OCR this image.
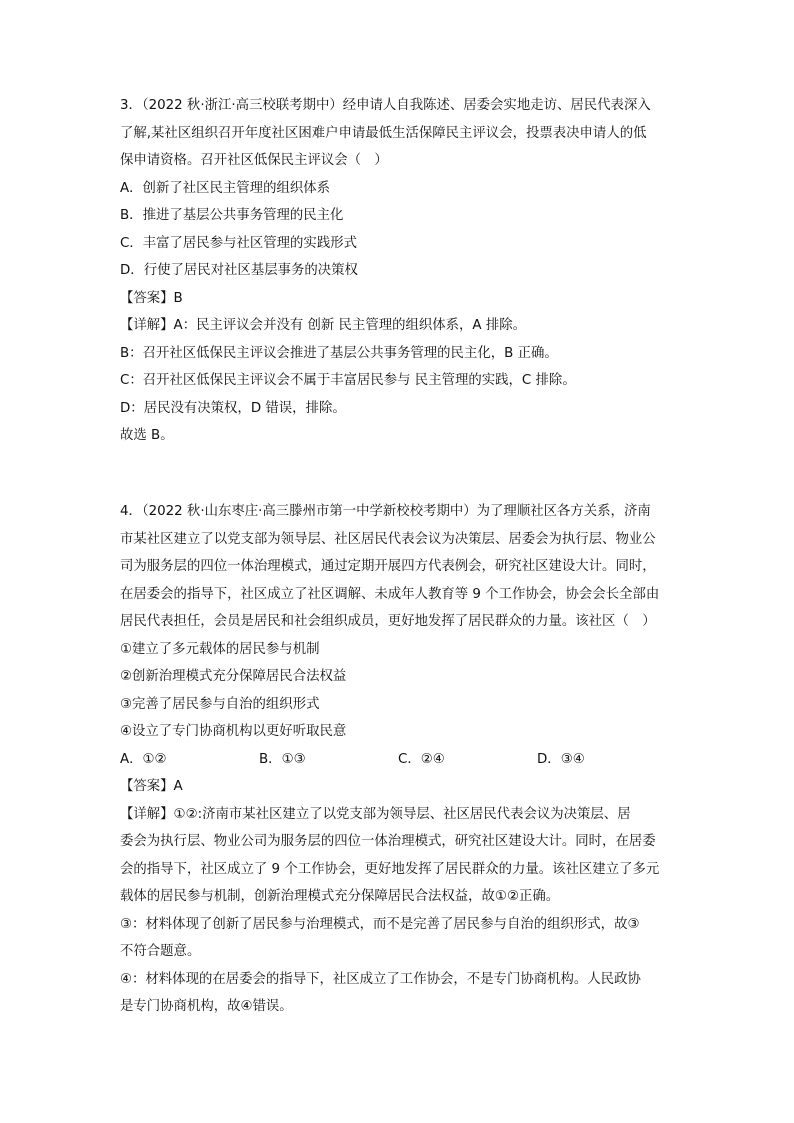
3．（2022 秋·浙江·高三校联考期中）经申请人自我陈述、居委会实地走访、居民代表深入
了解,某社区组织召开年度社区困难户申请最低生活保障民主评议会，投票表决申请人的低
保申请资格。召开社区低保民主评议会（　）
A．创新了社区民主管理的组织体系
B．推进了基层公共事务管理的民主化
C．丰富了居民参与社区管理的实践形式
D．行使了居民对社区基层事务的决策权
【答案】B
【详解】A：民主评议会并没有 创新 民主管理的组织体系，A 排除。
B：召开社区低保民主评议会推进了基层公共事务管理的民主化，B 正确。
C：召开社区低保民主评议会不属于丰富居民参与 民主管理的实践，C 排除。
D：居民没有决策权，D 错误，排除。
故选 B。
4．（2022 秋·山东枣庄·高三滕州市第一中学新校校考期中）为了理顺社区各方关系，济南
市某社区建立了以党支部为领导层、社区居民代表会议为决策层、居委会为执行层、物业公
司为服务层的四位一体治理模式，通过定期开展四方代表例会，研究社区建设大计。同时，
在居委会的指导下，社区成立了社区调解、未成年人教育等 9 个工作协会，协会会长全部由
居民代表担任，会员是居民和社会组织成员，更好地发挥了居民群众的力量。该社区（　）
①建立了多元载体的居民参与机制
②创新治理模式充分保障居民合法权益
③完善了居民参与自治的组织形式
④设立了专门协商机构以更好听取民意
A．①②	B．①③	C．②④	D．③④
【答案】A
【详解】①②:济南市某社区建立了以党支部为领导层、社区居民代表会议为决策层、居
委会为执行层、物业公司为服务层的四位一体治理模式，研究社区建设大计。同时，在居委
会的指导下，社区成立了 9 个工作协会，更好地发挥了居民群众的力量。该社区建立了多元
载体的居民参与机制，创新治理模式充分保障居民合法权益，故①②正确。
③：材料体现了创新了居民参与治理模式，而不是完善了居民参与自治的组织形式，故③
不符合题意。
④：材料体现的在居委会的指导下，社区成立了工作协会，不是专门协商机构。人民政协
是专门协商机构，故④错误。
